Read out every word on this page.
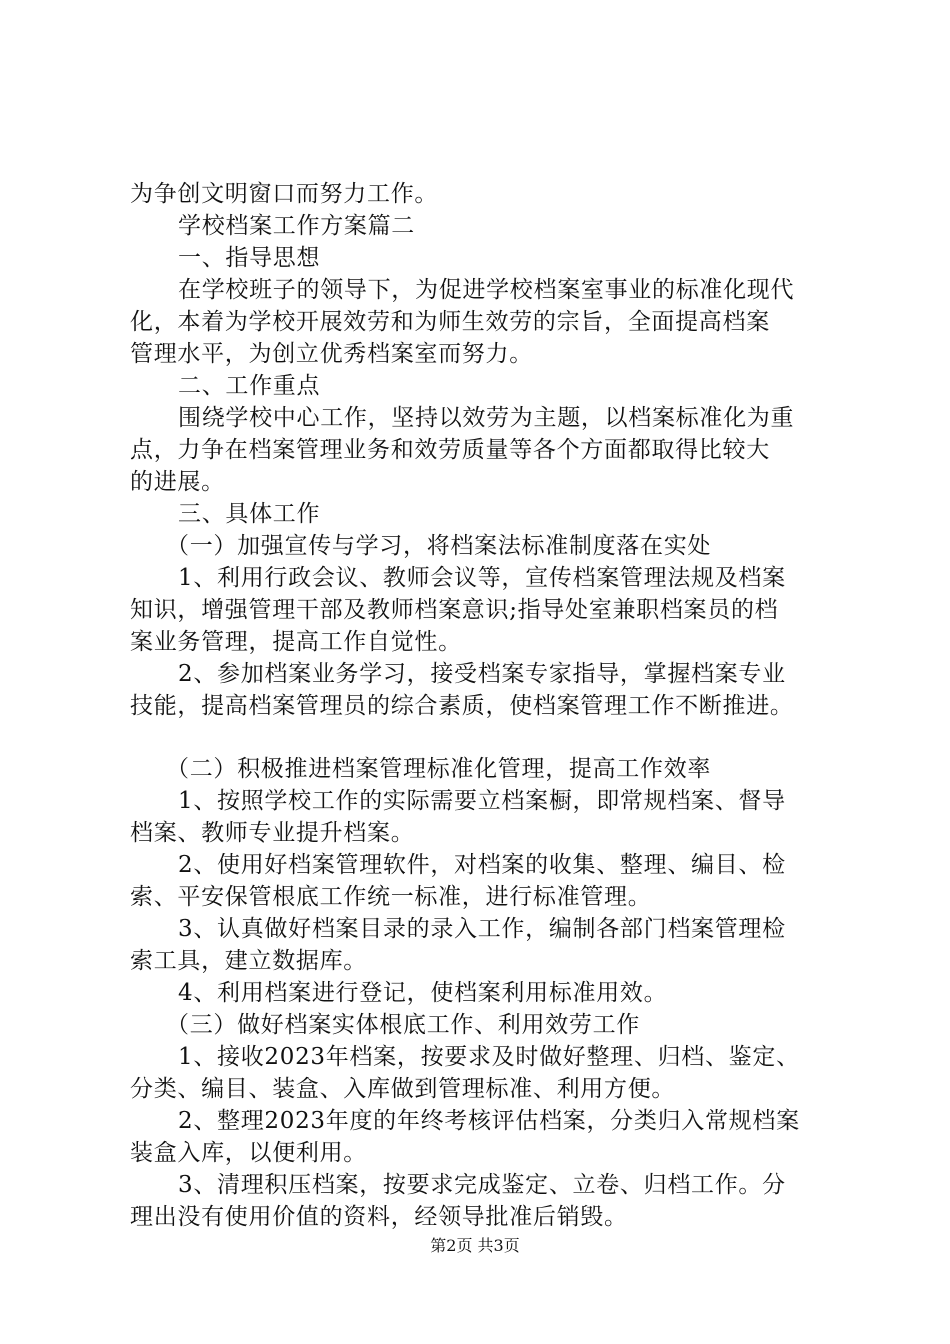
为争创文明窗口而努力工作。

学校档案工作方案篇二

一、指导思想

在学校班子的领导下，为促进学校档案室事业的标准化现代

化，本着为学校开展效劳和为师生效劳的宗旨，全面提高档案

管理水平，为创立优秀档案室而努力。

二、工作重点

围绕学校中心工作，坚持以效劳为主题，以档案标准化为重

点，力争在档案管理业务和效劳质量等各个方面都取得比较大

的进展。

三、具体工作

（一）加强宣传与学习，将档案法标准制度落在实处

1、利用行政会议、教师会议等，宣传档案管理法规及档案

知识，增强管理干部及教师档案意识;指导处室兼职档案员的档

案业务管理，提高工作自觉性。

2、参加档案业务学习，接受档案专家指导，掌握档案专业

技能，提高档案管理员的综合素质，使档案管理工作不断推进。

（二）积极推进档案管理标准化管理，提高工作效率

1、按照学校工作的实际需要立档案橱，即常规档案、督导

档案、教师专业提升档案。

2、使用好档案管理软件，对档案的收集、整理、编目、检

索、平安保管根底工作统一标准，进行标准管理。

3、认真做好档案目录的录入工作，编制各部门档案管理检

索工具，建立数据库。

4、利用档案进行登记，使档案利用标准用效。

（三）做好档案实体根底工作、利用效劳工作

1、接收2023年档案，按要求及时做好整理、归档、鉴定、

分类、编目、装盒、入库做到管理标准、利用方便。

2、整理2023年度的年终考核评估档案，分类归入常规档案

装盒入库，以便利用。

3、清理积压档案，按要求完成鉴定、立卷、归档工作。分

理出没有使用价值的资料，经领导批准后销毁。

第2页 共3页
